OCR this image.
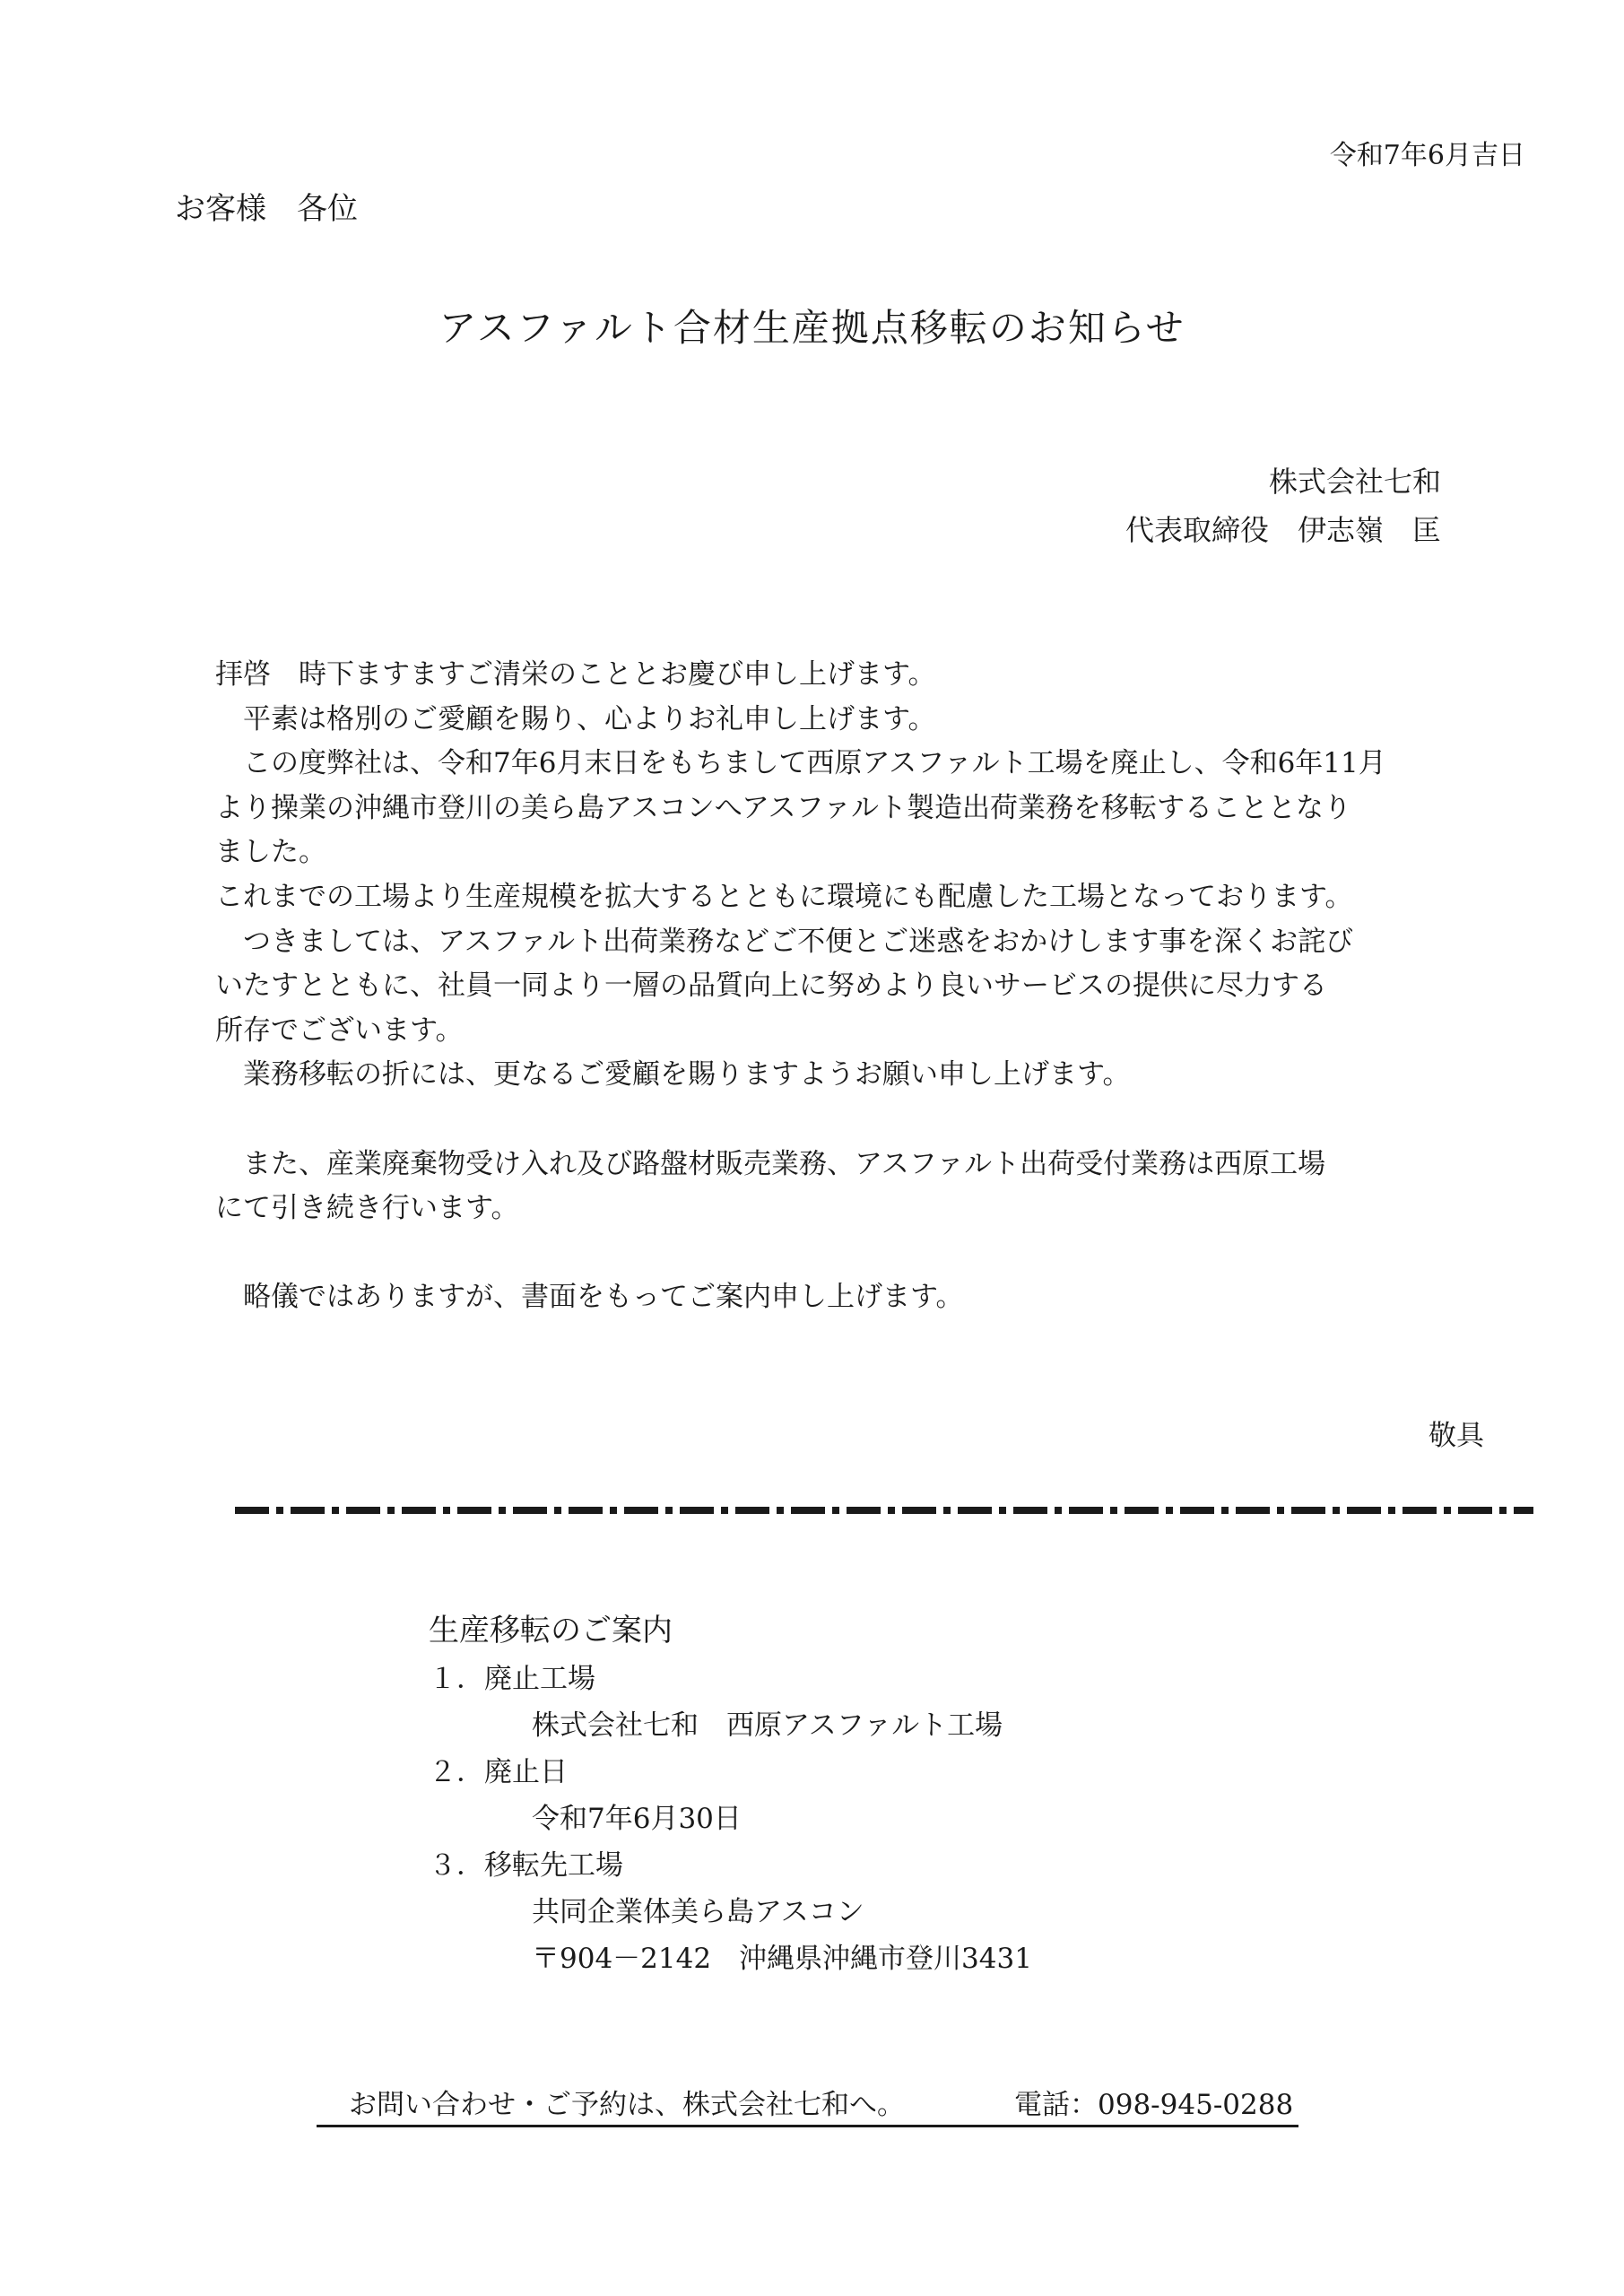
令和7年6月吉日
お客様　各位
アスファルト合材生産拠点移転のお知らせ
株式会社七和
代表取締役　伊志嶺　匡
拝啓　時下ますますご清栄のこととお慶び申し上げます。
　平素は格別のご愛顧を賜り、心よりお礼申し上げます。
　この度弊社は、令和7年6月末日をもちまして西原アスファルト工場を廃止し、令和6年11月
より操業の沖縄市登川の美ら島アスコンへアスファルト製造出荷業務を移転することとなり
ました。
これまでの工場より生産規模を拡大するとともに環境にも配慮した工場となっております。
　つきましては、アスファルト出荷業務などご不便とご迷惑をおかけします事を深くお詫び
いたすとともに、社員一同より一層の品質向上に努めより良いサービスの提供に尽力する
所存でございます。
　業務移転の折には、更なるご愛顧を賜りますようお願い申し上げます。
　また、産業廃棄物受け入れ及び路盤材販売業務、アスファルト出荷受付業務は西原工場
にて引き続き行います。
　略儀ではありますが、書面をもってご案内申し上げます。
敬具
生産移転のご案内
１．廃止工場
株式会社七和　西原アスファルト工場
２．廃止日
令和7年6月30日
３．移転先工場
共同企業体美ら島アスコン
〒904－2142　沖縄県沖縄市登川3431
お問い合わせ・ご予約は、株式会社七和へ。	電話：098-945-0288
